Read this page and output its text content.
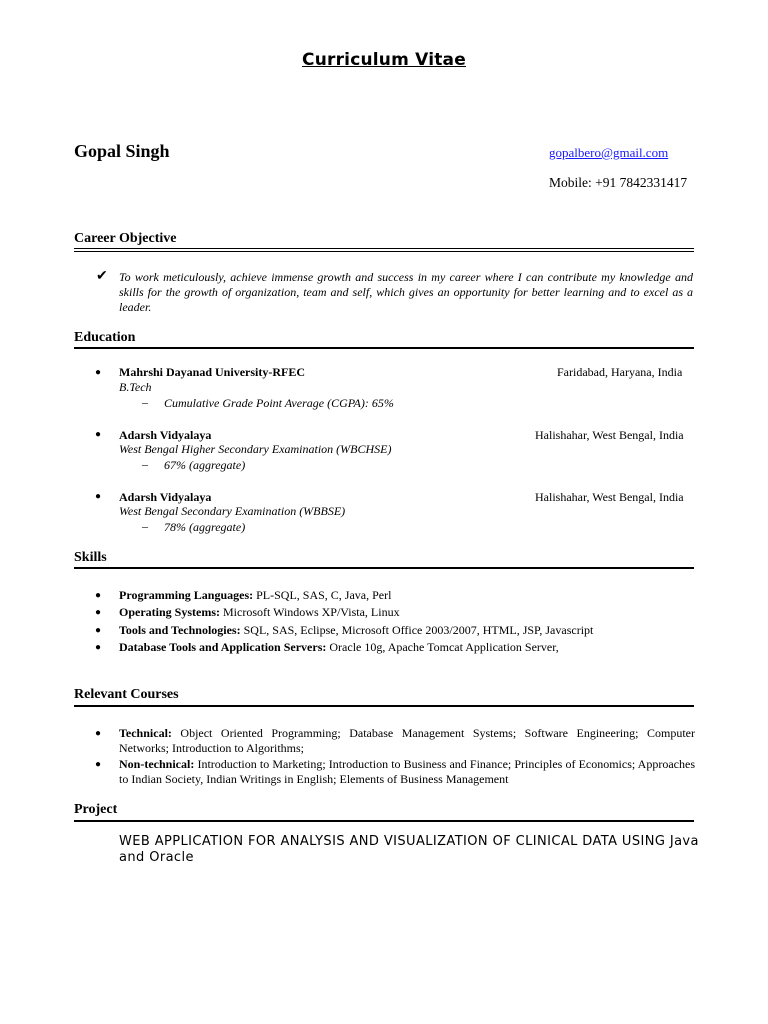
Curriculum Vitae
Gopal Singh	gopalbero@gmail.com
Mobile: +91 7842331417
Career Objective
✔ To work meticulously, achieve immense growth and success in my career where I can contribute my knowledge and skills for the growth of organization, team and self, which gives an opportunity for better learning and to excel as a leader.
Education
● Mahrshi Dayanad University-RFEC	Faridabad, Haryana, India
B.Tech
– Cumulative Grade Point Average (CGPA): 65%
● Adarsh Vidyalaya	Halishahar, West Bengal, India
West Bengal Higher Secondary Examination (WBCHSE)
– 67% (aggregate)
● Adarsh Vidyalaya	Halishahar, West Bengal, India
West Bengal Secondary Examination (WBBSE)
– 78% (aggregate)
Skills
● Programming Languages: PL-SQL, SAS, C, Java, Perl
● Operating Systems: Microsoft Windows XP/Vista, Linux
● Tools and Technologies: SQL, SAS, Eclipse, Microsoft Office 2003/2007, HTML, JSP, Javascript
● Database Tools and Application Servers: Oracle 10g, Apache Tomcat Application Server,
Relevant Courses
● Technical: Object Oriented Programming; Database Management Systems; Software Engineering; Computer Networks; Introduction to Algorithms;
● Non-technical: Introduction to Marketing; Introduction to Business and Finance; Principles of Economics; Approaches to Indian Society, Indian Writings in English; Elements of Business Management
Project
WEB APPLICATION FOR ANALYSIS AND VISUALIZATION OF CLINICAL DATA USING Java and Oracle
